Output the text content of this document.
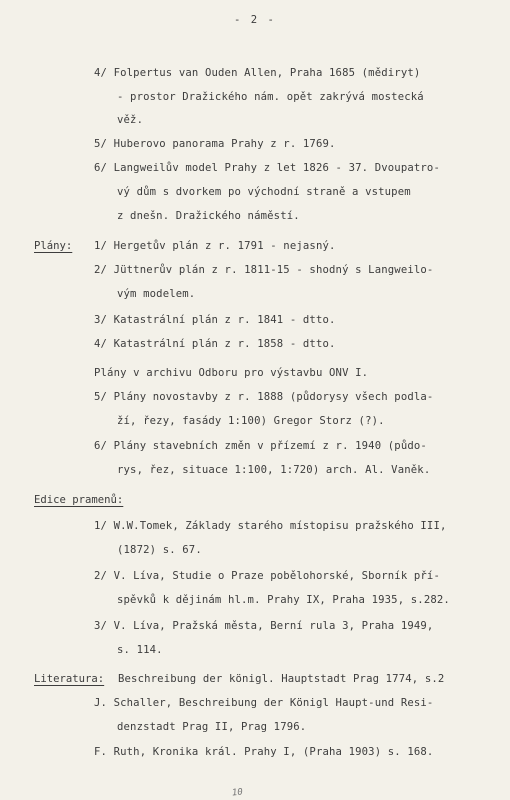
- 2 -
4/ Folpertus van Ouden Allen, Praha 1685 (mědiryt)
- prostor Dražického nám. opět zakrývá mostecká
věž.
5/ Huberovo panorama Prahy z r. 1769.
6/ Langweilův model Prahy z let 1826 - 37. Dvoupatro-
vý dům s dvorkem po východní straně a vstupem
z dnešn. Dražického náměstí.
Plány: 1/ Hergetův plán z r. 1791 - nejasný.
2/ Jüttnerův plán z r. 1811-15 - shodný s Langweilo-
vým modelem.
3/ Katastrální plán z r. 1841 - dtto.
4/ Katastrální plán z r. 1858 - dtto.
Plány v archivu Odboru pro výstavbu ONV I.
5/ Plány novostavby z r. 1888 (půdorysy všech podla-
ží, řezy, fasády 1:100) Gregor Storz (?).
6/ Plány stavebních změn v přízemí z r. 1940 (půdo-
rys, řez, situace 1:100, 1:720) arch. Al. Vaněk.
Edice pramenů:
1/ W.W.Tomek, Základy starého místopisu pražského III,
(1872) s. 67.
2/ V. Líva, Studie o Praze pobělohorské, Sborník pří-
spěvků k dějinám hl.m. Prahy IX, Praha 1935, s.282.
3/ V. Líva, Pražská města, Berní rula 3, Praha 1949,
s. 114.
Literatura: Beschreibung der königl. Hauptstadt Prag 1774, s.2
J. Schaller, Beschreibung der Königl Haupt-und Resi-
denzstadt Prag II, Prag 1796.
F. Ruth, Kronika král. Prahy I, (Praha 1903) s. 168.
10
